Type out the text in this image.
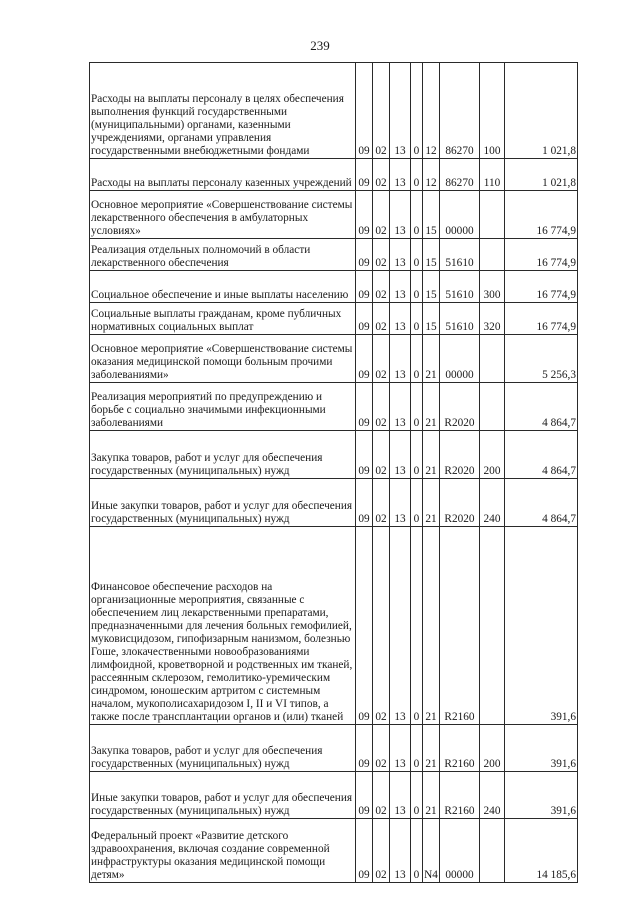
239
Расходы на выплаты персоналу в целях обеспечения выполнения функций государственными (муниципальными) органами, казенными учреждениями, органами управления государственными внебюджетными фондами	09	02	13	0	12	86270	100	1 021,8
Расходы на выплаты персоналу казенных учреждений	09	02	13	0	12	86270	110	1 021,8
Основное мероприятие «Совершенствование системы лекарственного обеспечения в амбулаторных условиях»	09	02	13	0	15	00000		16 774,9
Реализация отдельных полномочий в области лекарственного обеспечения	09	02	13	0	15	51610		16 774,9
Социальное обеспечение и иные выплаты населению	09	02	13	0	15	51610	300	16 774,9
Социальные выплаты гражданам, кроме публичных нормативных социальных выплат	09	02	13	0	15	51610	320	16 774,9
Основное мероприятие «Совершенствование системы оказания медицинской помощи больным прочими заболеваниями»	09	02	13	0	21	00000		5 256,3
Реализация мероприятий по предупреждению и борьбе с социально значимыми инфекционными заболеваниями	09	02	13	0	21	R2020		4 864,7
Закупка товаров, работ и услуг для обеспечения государственных (муниципальных) нужд	09	02	13	0	21	R2020	200	4 864,7
Иные закупки товаров, работ и услуг для обеспечения государственных (муниципальных) нужд	09	02	13	0	21	R2020	240	4 864,7
Финансовое обеспечение расходов на организационные мероприятия, связанные с обеспечением лиц лекарственными препаратами, предназначенными для лечения больных гемофилией, муковисцидозом, гипофизарным нанизмом, болезнью Гоше, злокачественными новообразованиями лимфоидной, кроветворной и родственных им тканей, рассеянным склерозом, гемолитико-уремическим синдромом, юношеским артритом с системным началом, мукополисахаридозом I, II и VI типов, а также после трансплантации органов и (или) тканей	09	02	13	0	21	R2160		391,6
Закупка товаров, работ и услуг для обеспечения государственных (муниципальных) нужд	09	02	13	0	21	R2160	200	391,6
Иные закупки товаров, работ и услуг для обеспечения государственных (муниципальных) нужд	09	02	13	0	21	R2160	240	391,6
Федеральный проект «Развитие детского здравоохранения, включая создание современной инфраструктуры оказания медицинской помощи детям»	09	02	13	0	N4	00000		14 185,6
